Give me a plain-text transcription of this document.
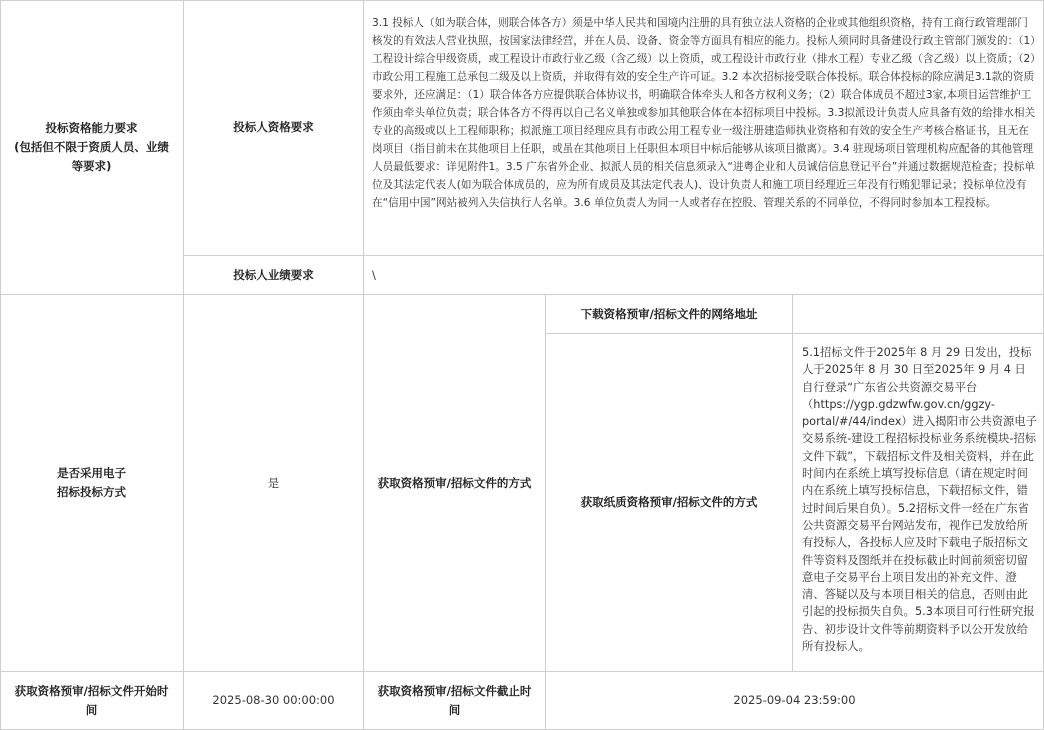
投标资格能力要求
(包括但不限于资质人员、业绩等要求)
投标人资格要求
3.1 投标人（如为联合体，则联合体各方）须是中华人民共和国境内注册的具有独立法人资格的企业或其他组织资格，持有工商行政管理部门核发的有效法人营业执照，按国家法律经营，并在人员、设备、资金等方面具有相应的能力。投标人须同时具备建设行政主管部门颁发的：（1）工程设计综合甲级资质，或工程设计市政行业乙级（含乙级）以上资质，或工程设计市政行业（排水工程）专业乙级（含乙级）以上资质；（2）市政公用工程施工总承包二级及以上资质，并取得有效的安全生产许可证。3.2 本次招标接受联合体投标。联合体投标的除应满足3.1款的资质要求外，还应满足：（1）联合体各方应提供联合体协议书，明确联合体牵头人和各方权利义务；（2）联合体成员不超过3家,本项目运营维护工作须由牵头单位负责；联合体各方不得再以自己名义单独或参加其他联合体在本招标项目中投标。3.3拟派设计负责人应具备有效的给排水相关专业的高级或以上工程师职称；拟派施工项目经理应具有市政公用工程专业一级注册建造师执业资格和有效的安全生产考核合格证书，且无在岗项目（指目前未在其他项目上任职，或虽在其他项目上任职但本项目中标后能够从该项目撤离）。3.4 驻现场项目管理机构应配备的其他管理人员最低要求：详见附件1。3.5 广东省外企业、拟派人员的相关信息须录入“进粤企业和人员诚信信息登记平台”并通过数据规范检查；投标单位及其法定代表人(如为联合体成员的，应为所有成员及其法定代表人)、设计负责人和施工项目经理近三年没有行贿犯罪记录；投标单位没有在“信用中国”网站被列入失信执行人名单。3.6 单位负责人为同一人或者存在控股、管理关系的不同单位，不得同时参加本工程投标。
投标人业绩要求	\
是否采用电子
招标投标方式
是	获取资格预审/招标文件的方式
下载资格预审/招标文件的网络地址
获取纸质资格预审/招标文件的方式
5.1招标文件于2025年 8 月 29 日发出，投标人于2025年 8 月 30 日至2025年 9 月 4 日自行登录“广东省公共资源交易平台（https://ygp.gdzwfw.gov.cn/ggzy-portal/#/44/index）进入揭阳市公共资源电子交易系统-建设工程招标投标业务系统模块-招标文件下载”，下载招标文件及相关资料，并在此时间内在系统上填写投标信息（请在规定时间内在系统上填写投标信息，下载招标文件，错过时间后果自负）。5.2招标文件一经在广东省公共资源交易平台网站发布，视作已发放给所有投标人，各投标人应及时下载电子版招标文件等资料及图纸并在投标截止时间前须密切留意电子交易平台上项目发出的补充文件、澄清、答疑以及与本项目相关的信息，否则由此引起的投标损失自负。5.3本项目可行性研究报告、初步设计文件等前期资料予以公开发放给所有投标人。
获取资格预审/招标文件开始时间
2025-08-30 00:00:00
获取资格预审/招标文件截止时间
2025-09-04 23:59:00
